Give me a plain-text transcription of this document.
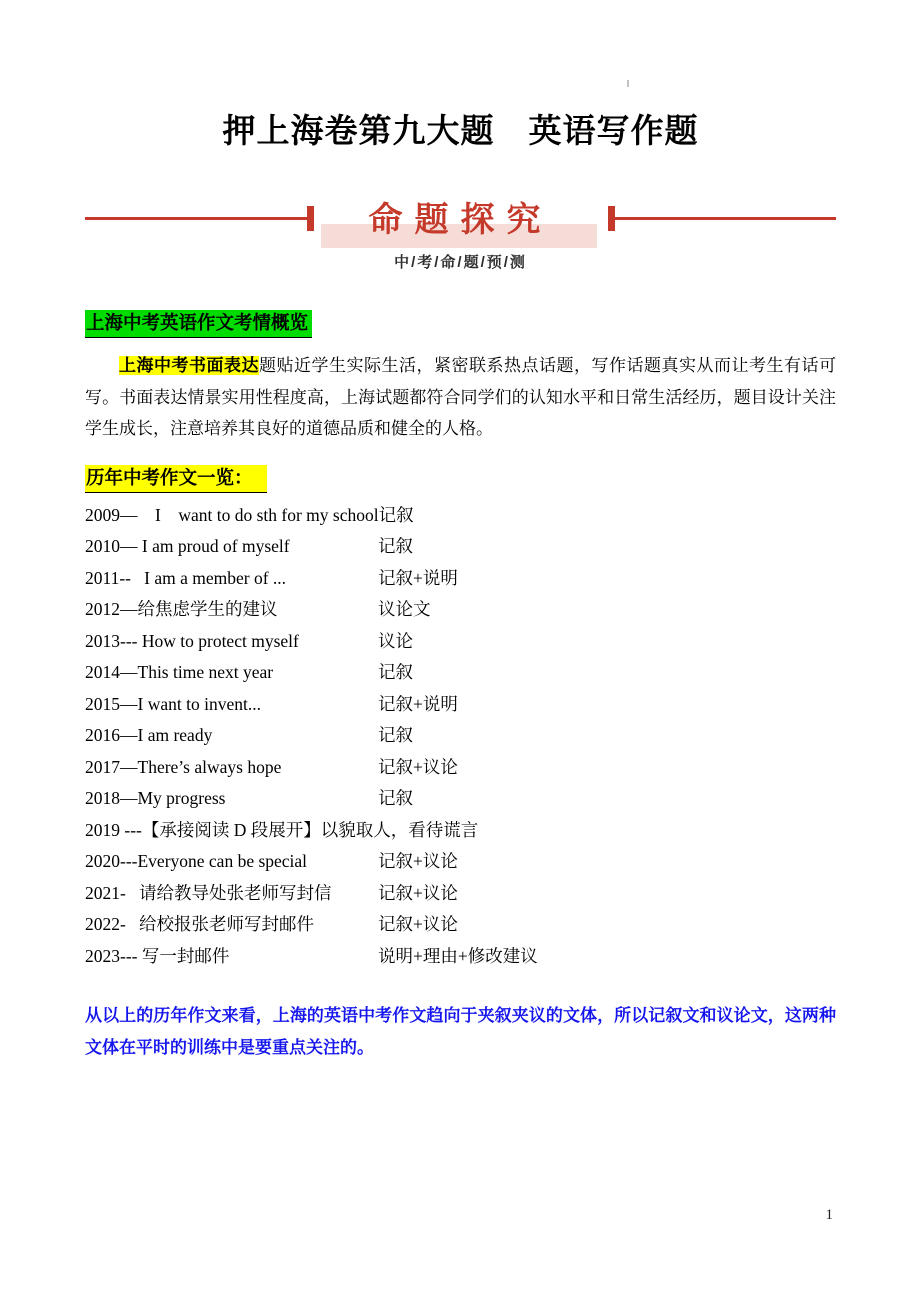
押上海卷第九大题　英语写作题
命题探究
中/考/命/题/预/测
上海中考英语作文考情概览

上海中考书面表达题贴近学生实际生活，紧密联系热点话题，写作话题真实从而让考生有话可写。书面表达情景实用性程度高，上海试题都符合同学们的认知水平和日常生活经历，题目设计关注学生成长，注意培养其良好的道德品质和健全的人格。

历年中考作文一览：
2009—    I    want to do sth for my school 记叙
2010— I am proud of myself	记叙
2011--   I am a member of ...	记叙+说明
2012—给焦虑学生的建议	议论文
2013--- How to protect myself	议论
2014—This time next year	记叙
2015—I want to invent...	记叙+说明
2016—I am ready	记叙
2017—There’s always hope	记叙+议论
2018—My progress	记叙
2019 ---【承接阅读 D 段展开】以貌取人，看待谎言
2020---Everyone can be special	记叙+议论
2021-   请给教导处张老师写封信	记叙+议论
2022-   给校报张老师写封邮件	记叙+议论
2023--- 写一封邮件	说明+理由+修改建议

从以上的历年作文来看，上海的英语中考作文趋向于夹叙夹议的文体，所以记叙文和议论文，这两种文体在平时的训练中是要重点关注的。

1
